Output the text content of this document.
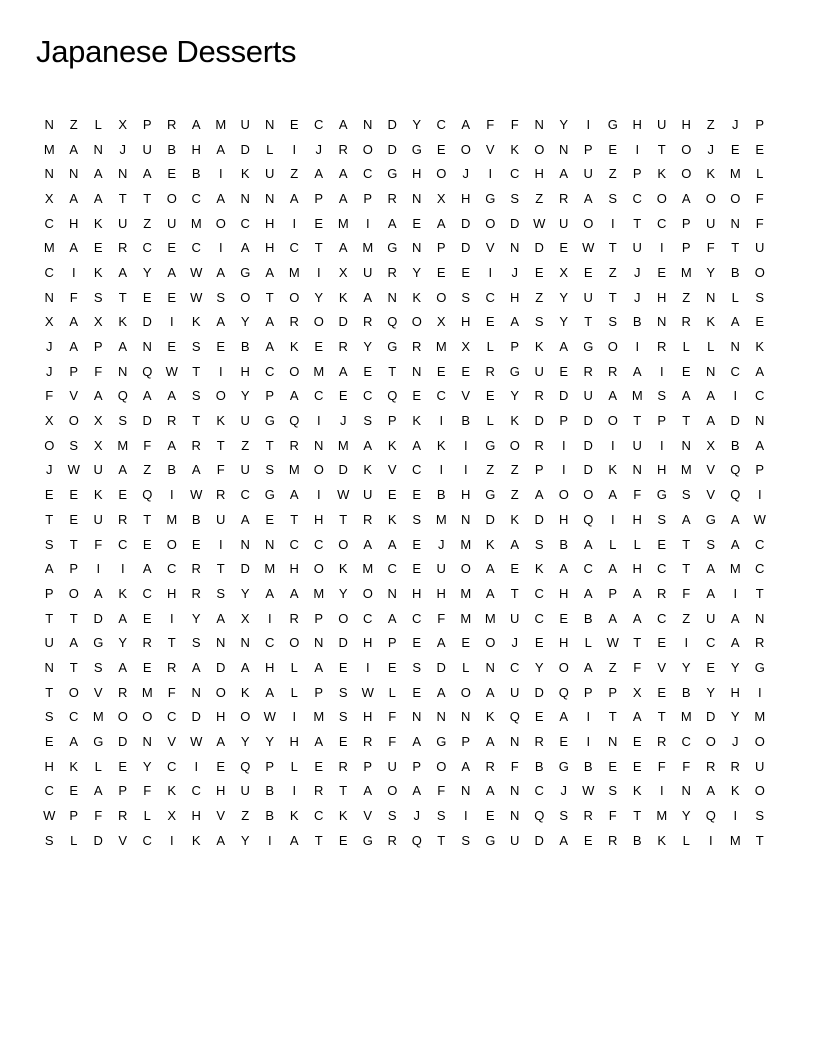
Japanese Desserts
N	Z	L	X	P	R	A	M	U	N	E	C	A	N	D	Y	C	A	F	F	N	Y	I	G	H	U	H	Z	J	P
M	A	N	J	U	B	H	A	D	L	I	J	R	O	D	G	E	O	V	K	O	N	P	E	I	T	O	J	E	E
N	N	A	N	A	E	B	I	K	U	Z	A	A	C	G	H	O	J	I	C	H	A	U	Z	P	K	O	K	M	L
X	A	A	T	T	O	C	A	N	N	A	P	A	P	R	N	X	H	G	S	Z	R	A	S	C	O	A	O	O	F
C	H	K	U	Z	U	M	O	C	H	I	E	M	I	A	E	A	D	O	D	W	U	O	I	T	C	P	U	N	F
M	A	E	R	C	E	C	I	A	H	C	T	A	M	G	N	P	D	V	N	D	E	W	T	U	I	P	F	T	U
C	I	K	A	Y	A	W	A	G	A	M	I	X	U	R	Y	E	E	I	J	E	X	E	Z	J	E	M	Y	B	O
N	F	S	T	E	E	W	S	O	T	O	Y	K	A	N	K	O	S	C	H	Z	Y	U	T	J	H	Z	N	L	S
X	A	X	K	D	I	K	A	Y	A	R	O	D	R	Q	O	X	H	E	A	S	Y	T	S	B	N	R	K	A	E
J	A	P	A	N	E	S	E	B	A	K	E	R	Y	G	R	M	X	L	P	K	A	G	O	I	R	L	L	N	K
J	P	F	N	Q	W	T	I	H	C	O	M	A	E	T	N	E	E	R	G	U	E	R	R	A	I	E	N	C	A
F	V	A	Q	A	A	S	O	Y	P	A	C	E	C	Q	E	C	V	E	Y	R	D	U	A	M	S	A	A	I	C
X	O	X	S	D	R	T	K	U	G	Q	I	J	S	P	K	I	B	L	K	D	P	D	O	T	P	T	A	D	N
O	S	X	M	F	A	R	T	Z	T	R	N	M	A	K	A	K	I	G	O	R	I	D	I	U	I	N	X	B	A
J	W	U	A	Z	B	A	F	U	S	M	O	D	K	V	C	I	I	Z	Z	P	I	D	K	N	H	M	V	Q	P
E	E	K	E	Q	I	W	R	C	G	A	I	W	U	E	E	B	H	G	Z	A	O	O	A	F	G	S	V	Q	I
T	E	U	R	T	M	B	U	A	E	T	H	T	R	K	S	M	N	D	K	D	H	Q	I	H	S	A	G	A	W
S	T	F	C	E	O	E	I	N	N	C	C	O	A	A	E	J	M	K	A	S	B	A	L	L	E	T	S	A	C
A	P	I	I	A	C	R	T	D	M	H	O	K	M	C	E	U	O	A	E	K	A	C	A	H	C	T	A	M	C
P	O	A	K	C	H	R	S	Y	A	A	M	Y	O	N	H	H	M	A	T	C	H	A	P	A	R	F	A	I	T
T	T	D	A	E	I	Y	A	X	I	R	P	O	C	A	C	F	M	M	U	C	E	B	A	A	C	Z	U	A	N
U	A	G	Y	R	T	S	N	N	C	O	N	D	H	P	E	A	E	O	J	E	H	L	W	T	E	I	C	A	R
N	T	S	A	E	R	A	D	A	H	L	A	E	I	E	S	D	L	N	C	Y	O	A	Z	F	V	Y	E	Y	G
T	O	V	R	M	F	N	O	K	A	L	P	S	W	L	E	A	O	A	U	D	Q	P	P	X	E	B	Y	H	I
S	C	M	O	O	C	D	H	O	W	I	M	S	H	F	N	N	N	K	Q	E	A	I	T	A	T	M	D	Y	M
E	A	G	D	N	V	W	A	Y	Y	H	A	E	R	F	A	G	P	A	N	R	E	I	N	E	R	C	O	J	O
H	K	L	E	Y	C	I	E	Q	P	L	E	R	P	U	P	O	A	R	F	B	G	B	E	E	F	F	R	R	U
C	E	A	P	F	K	C	H	U	B	I	R	T	A	O	A	F	N	A	N	C	J	W	S	K	I	N	A	K	O
W	P	F	R	L	X	H	V	Z	B	K	C	K	V	S	J	S	I	E	N	Q	S	R	F	T	M	Y	Q	I	S
S	L	D	V	C	I	K	A	Y	I	A	T	E	G	R	Q	T	S	G	U	D	A	E	R	B	K	L	I	M	T
